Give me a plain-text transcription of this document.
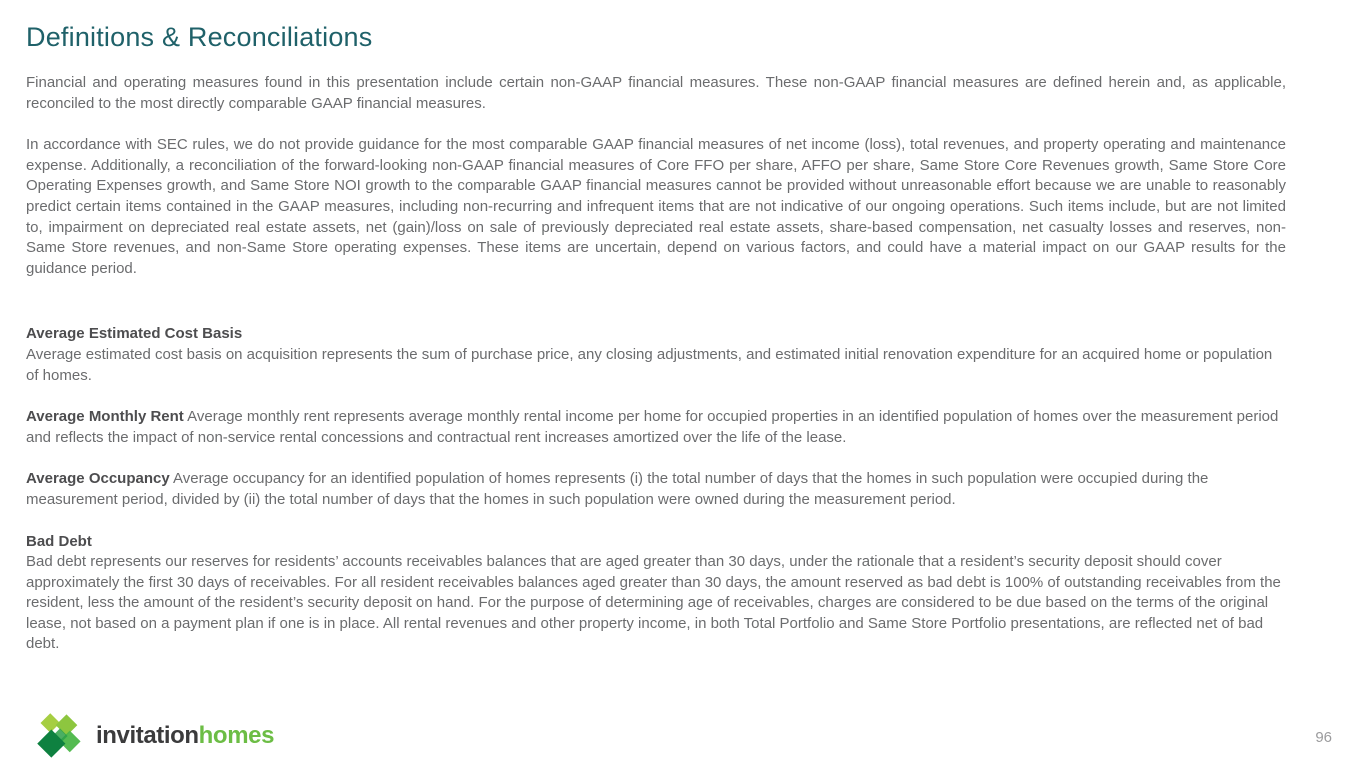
Definitions & Reconciliations

Financial and operating measures found in this presentation include certain non-GAAP financial measures. These non-GAAP financial measures are defined herein and, as applicable, reconciled to the most directly comparable GAAP financial measures.

In accordance with SEC rules, we do not provide guidance for the most comparable GAAP financial measures of net income (loss), total revenues, and property operating and maintenance expense. Additionally, a reconciliation of the forward-looking non-GAAP financial measures of Core FFO per share, AFFO per share, Same Store Core Revenues growth, Same Store Core Operating Expenses growth, and Same Store NOI growth to the comparable GAAP financial measures cannot be provided without unreasonable effort because we are unable to reasonably predict certain items contained in the GAAP measures, including non-recurring and infrequent items that are not indicative of our ongoing operations. Such items include, but are not limited to, impairment on depreciated real estate assets, net (gain)/loss on sale of previously depreciated real estate assets, share-based compensation, net casualty losses and reserves, non-Same Store revenues, and non-Same Store operating expenses. These items are uncertain, depend on various factors, and could have a material impact on our GAAP results for the guidance period.

Average Estimated Cost Basis
Average estimated cost basis on acquisition represents the sum of purchase price, any closing adjustments, and estimated initial renovation expenditure for an acquired home or population of homes.
Average Monthly Rent Average monthly rent represents average monthly rental income per home for occupied properties in an identified population of homes over the measurement period and reflects the impact of non-service rental concessions and contractual rent increases amortized over the life of the lease.
Average Occupancy Average occupancy for an identified population of homes represents (i) the total number of days that the homes in such population were occupied during the measurement period, divided by (ii) the total number of days that the homes in such population were owned during the measurement period.
Bad Debt
Bad debt represents our reserves for residents’ accounts receivables balances that are aged greater than 30 days, under the rationale that a resident’s security deposit should cover approximately the first 30 days of receivables. For all resident receivables balances aged greater than 30 days, the amount reserved as bad debt is 100% of outstanding receivables from the resident, less the amount of the resident’s security deposit on hand. For the purpose of determining age of receivables, charges are considered to be due based on the terms of the original lease, not based on a payment plan if one is in place. All rental revenues and other property income, in both Total Portfolio and Same Store Portfolio presentations, are reflected net of bad debt.
invitationhomes	96
